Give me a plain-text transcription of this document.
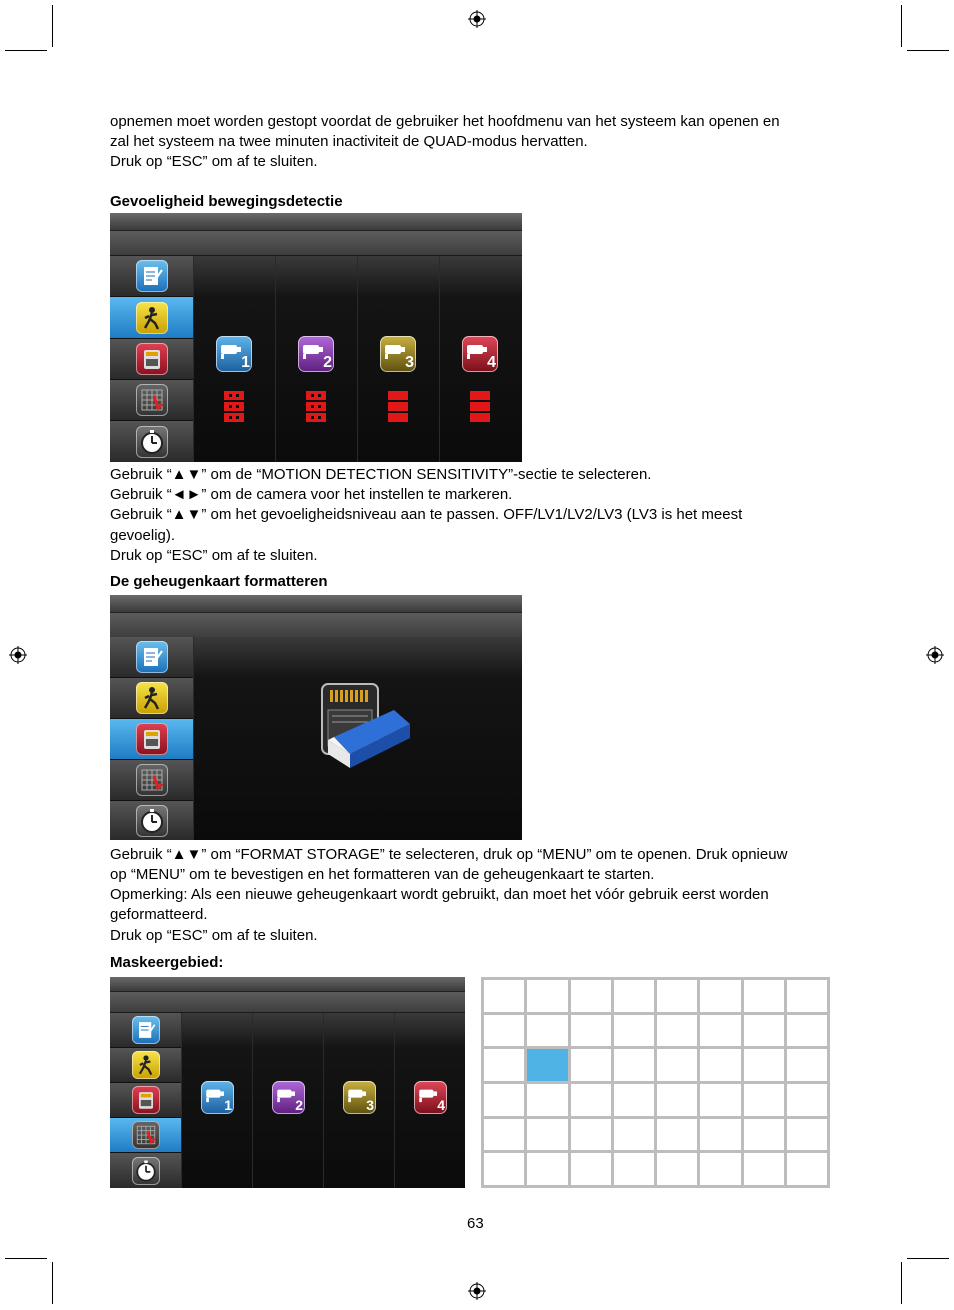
opnemen moet worden gestopt voordat de gebruiker het hoofdmenu van het systeem kan openen en
zal het systeem na twee minuten inactiviteit de QUAD-modus hervatten.
Druk op “ESC” om af te sluiten.
Gevoeligheid bewegingsdetectie
1	2	3	4
Gebruik “▲▼” om de “MOTION DETECTION SENSITIVITY”-sectie te selecteren.
Gebruik “◄►” om de camera voor het instellen te markeren.
Gebruik “▲▼” om het gevoeligheidsniveau aan te passen. OFF/LV1/LV2/LV3 (LV3 is het meest
gevoelig).
Druk op “ESC” om af te sluiten.
De geheugenkaart formatteren
Gebruik “▲▼” om “FORMAT STORAGE” te selecteren, druk op “MENU” om te openen. Druk opnieuw
op “MENU” om te bevestigen en het formatteren van de geheugenkaart te starten.
Opmerking: Als een nieuwe geheugenkaart wordt gebruikt, dan moet het vóór gebruik eerst worden
geformatteerd.
Druk op “ESC” om af te sluiten.
Maskeergebied:
1	2	3	4
63
